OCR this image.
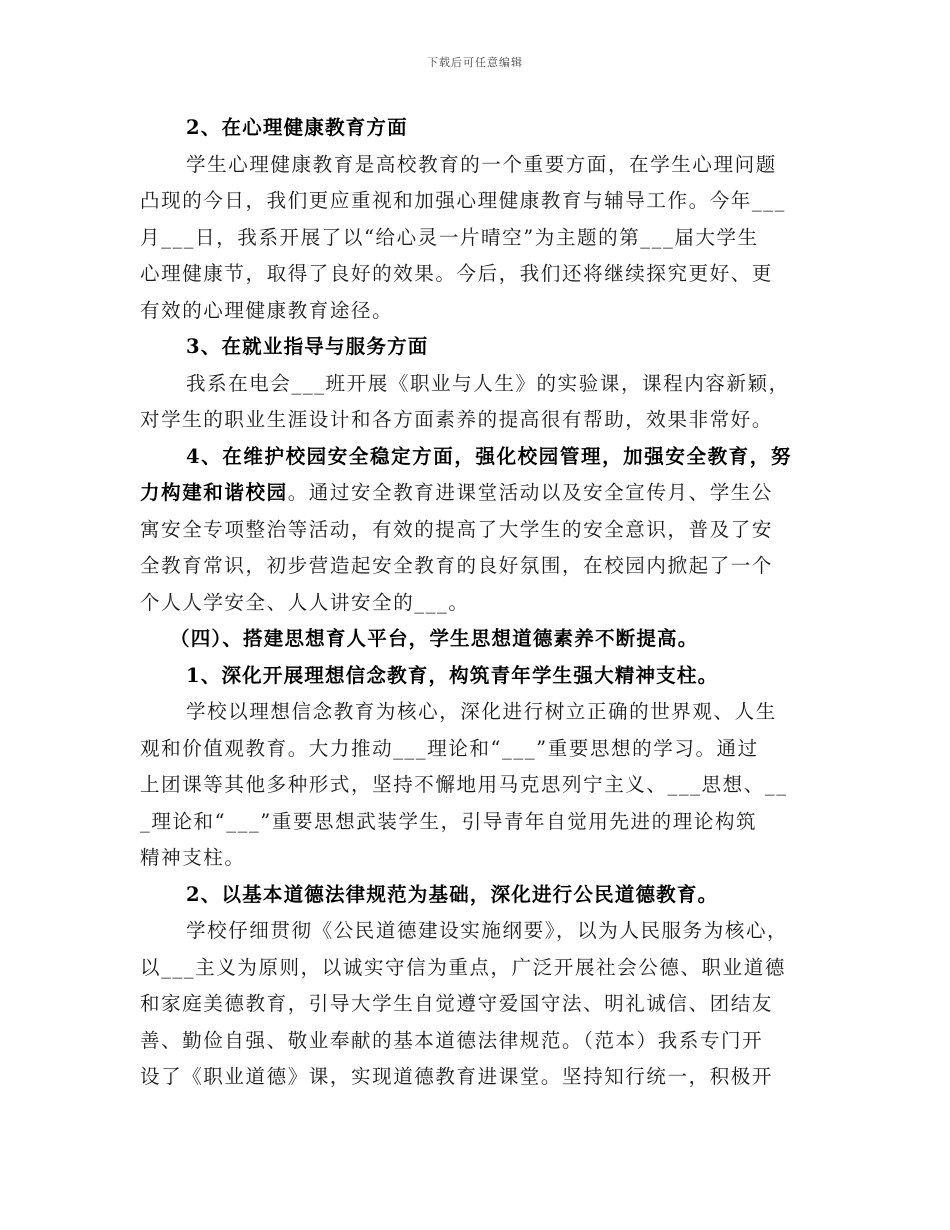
下载后可任意编辑
2、在心理健康教育方面
学生心理健康教育是高校教育的一个重要方面，在学生心理问题
凸现的今日，我们更应重视和加强心理健康教育与辅导工作。今年___
月___日，我系开展了以“给心灵一片晴空”为主题的第___届大学生
心理健康节，取得了良好的效果。今后，我们还将继续探究更好、更
有效的心理健康教育途径。
3、在就业指导与服务方面
我系在电会___班开展《职业与人生》的实验课，课程内容新颖，
对学生的职业生涯设计和各方面素养的提高很有帮助，效果非常好。
4、在维护校园安全稳定方面，强化校园管理，加强安全教育，努
力构建和谐校园。通过安全教育进课堂活动以及安全宣传月、学生公
寓安全专项整治等活动，有效的提高了大学生的安全意识，普及了安
全教育常识，初步营造起安全教育的良好氛围，在校园内掀起了一个
个人人学安全、人人讲安全的___。
（四）、搭建思想育人平台，学生思想道德素养不断提高。
1、深化开展理想信念教育，构筑青年学生强大精神支柱。
学校以理想信念教育为核心，深化进行树立正确的世界观、人生
观和价值观教育。大力推动___理论和“___”重要思想的学习。通过
上团课等其他多种形式，坚持不懈地用马克思列宁主义、___思想、__
_理论和“___”重要思想武装学生，引导青年自觉用先进的理论构筑
精神支柱。
2、以基本道德法律规范为基础，深化进行公民道德教育。
学校仔细贯彻《公民道德建设实施纲要》，以为人民服务为核心，
以___主义为原则，以诚实守信为重点，广泛开展社会公德、职业道德
和家庭美德教育，引导大学生自觉遵守爱国守法、明礼诚信、团结友
善、勤俭自强、敬业奉献的基本道德法律规范。（范本）我系专门开
设了《职业道德》课，实现道德教育进课堂。坚持知行统一，积极开
